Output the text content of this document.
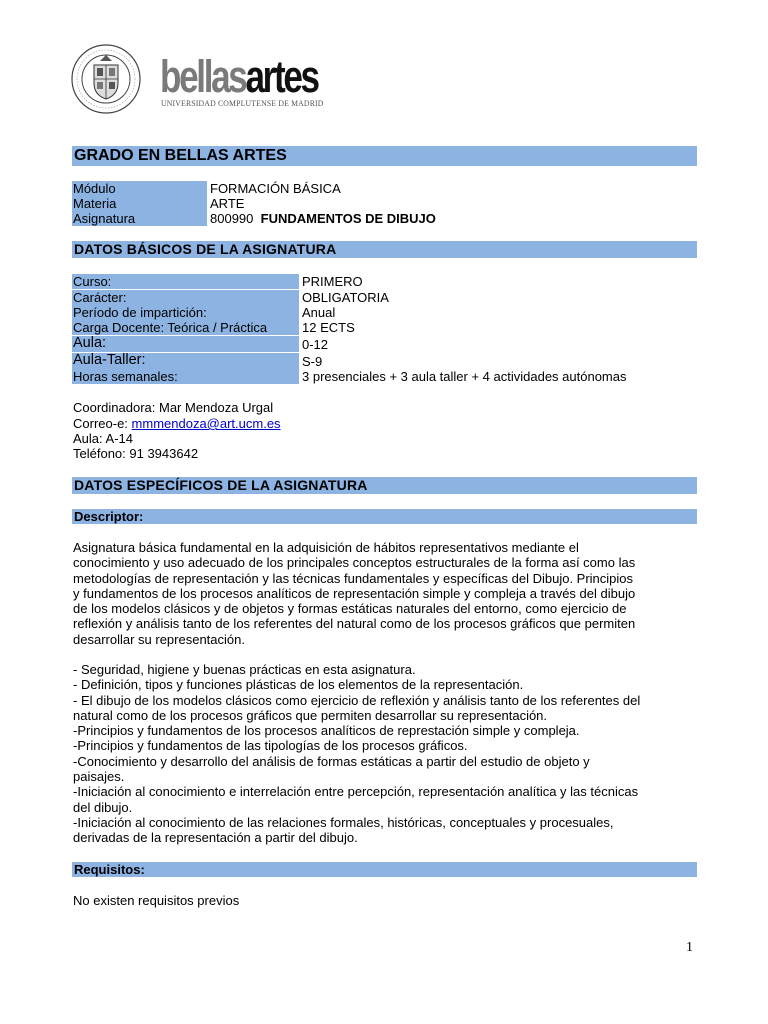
bellasartes
UNIVERSIDAD COMPLUTENSE DE MADRID
GRADO EN BELLAS ARTES
Módulo	FORMACIÓN BÁSICA
Materia	ARTE
Asignatura	800990 FUNDAMENTOS DE DIBUJO
DATOS BÁSICOS DE LA ASIGNATURA
Curso:	PRIMERO
Carácter:	OBLIGATORIA
Período de impartición:	Anual
Carga Docente: Teórica / Práctica	12 ECTS
Aula:	0-12
Aula-Taller:	S-9
Horas semanales:	3 presenciales + 3 aula taller + 4 actividades autónomas
Coordinadora: Mar Mendoza Urgal
Correo-e: mmmendoza@art.ucm.es
Aula: A-14
Teléfono: 91 3943642
DATOS ESPECÍFICOS DE LA ASIGNATURA
Descriptor:
Asignatura básica fundamental en la adquisición de hábitos representativos mediante el
conocimiento y uso adecuado de los principales conceptos estructurales de la forma así como las
metodologías de representación y las técnicas fundamentales y específicas del Dibujo. Principios
y fundamentos de los procesos analíticos de representación simple y compleja a través del dibujo
de los modelos clásicos y de objetos y formas estáticas naturales del entorno, como ejercicio de
reflexión y análisis tanto de los referentes del natural como de los procesos gráficos que permiten
desarrollar su representación.
- Seguridad, higiene y buenas prácticas en esta asignatura.
- Definición, tipos y funciones plásticas de los elementos de la representación.
- El dibujo de los modelos clásicos como ejercicio de reflexión y análisis tanto de los referentes del
natural como de los procesos gráficos que permiten desarrollar su representación.
-Principios y fundamentos de los procesos analíticos de represtación simple y compleja.
-Principios y fundamentos de las tipologías de los procesos gráficos.
-Conocimiento y desarrollo del análisis de formas estáticas a partir del estudio de objeto y
paisajes.
-Iniciación al conocimiento e interrelación entre percepción, representación analítica y las técnicas
del dibujo.
-Iniciación al conocimiento de las relaciones formales, históricas, conceptuales y procesuales,
derivadas de la representación a partir del dibujo.
Requisitos:
No existen requisitos previos
1
